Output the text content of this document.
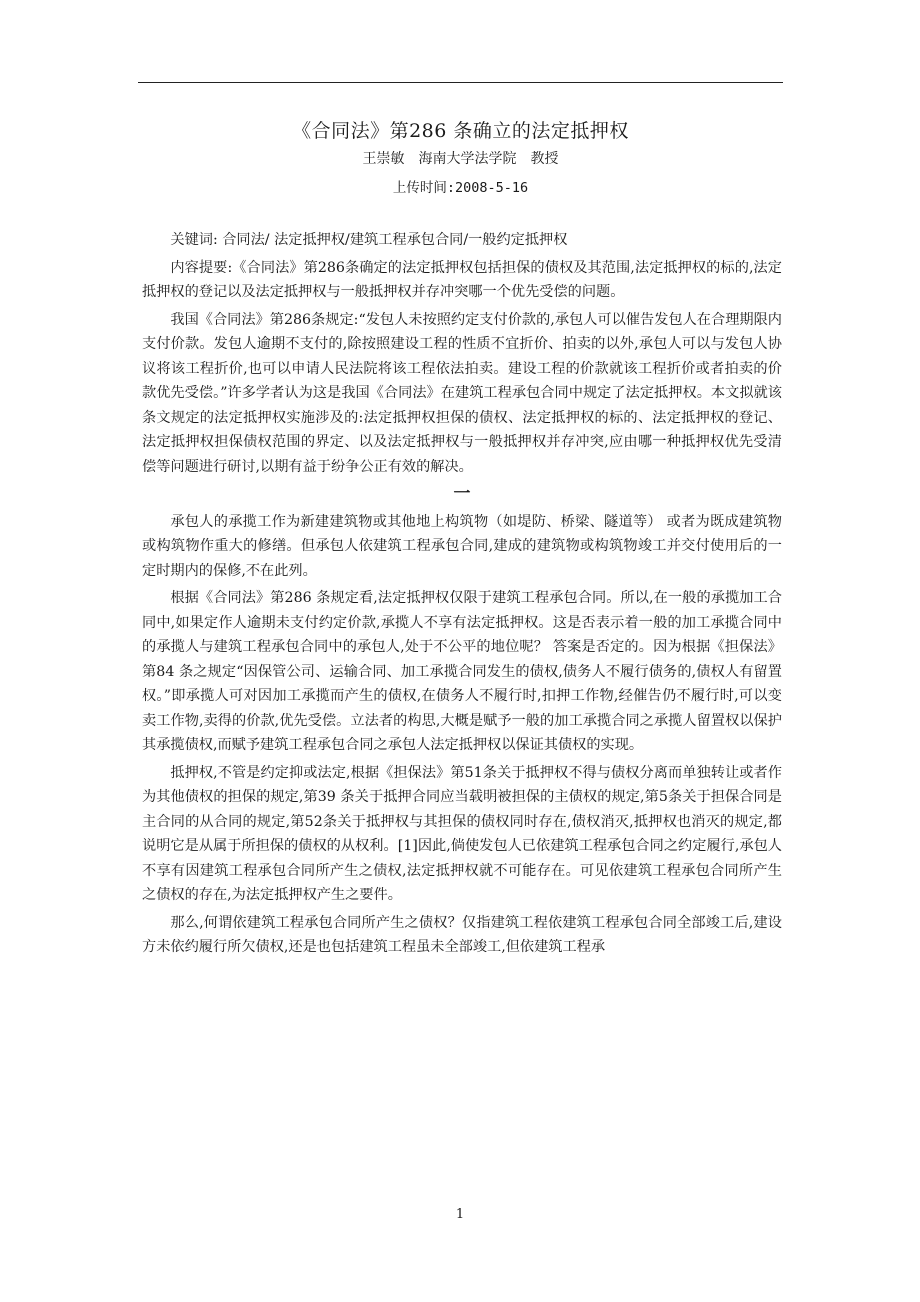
《合同法》第286 条确立的法定抵押权
王崇敏　海南大学法学院　教授
上传时间:2008-5-16

关键词: 合同法/ 法定抵押权/建筑工程承包合同/一般约定抵押权

内容提要:《合同法》第286条确定的法定抵押权包括担保的债权及其范围,法定抵押权的标的,法定抵押权的登记以及法定抵押权与一般抵押权并存冲突哪一个优先受偿的问题。

我国《合同法》第286条规定:“发包人未按照约定支付价款的,承包人可以催告发包人在合理期限内支付价款。发包人逾期不支付的,除按照建设工程的性质不宜折价、拍卖的以外,承包人可以与发包人协议将该工程折价,也可以申请人民法院将该工程依法拍卖。建设工程的价款就该工程折价或者拍卖的价款优先受偿。”许多学者认为这是我国《合同法》在建筑工程承包合同中规定了法定抵押权。本文拟就该条文规定的法定抵押权实施涉及的:法定抵押权担保的债权、法定抵押权的标的、法定抵押权的登记、法定抵押权担保债权范围的界定、以及法定抵押权与一般抵押权并存冲突,应由哪一种抵押权优先受清偿等问题进行研讨,以期有益于纷争公正有效的解决。

一

承包人的承揽工作为新建建筑物或其他地上构筑物（如堤防、桥梁、隧道等） 或者为既成建筑物或构筑物作重大的修缮。但承包人依建筑工程承包合同,建成的建筑物或构筑物竣工并交付使用后的一定时期内的保修,不在此列。

根据《合同法》第286 条规定看,法定抵押权仅限于建筑工程承包合同。所以,在一般的承揽加工合同中,如果定作人逾期未支付约定价款,承揽人不享有法定抵押权。这是否表示着一般的加工承揽合同中的承揽人与建筑工程承包合同中的承包人,处于不公平的地位呢？ 答案是否定的。因为根据《担保法》第84 条之规定“因保管公司、运输合同、加工承揽合同发生的债权,债务人不履行债务的,债权人有留置权。”即承揽人可对因加工承揽而产生的债权,在债务人不履行时,扣押工作物,经催告仍不履行时,可以变卖工作物,卖得的价款,优先受偿。立法者的构思,大概是赋予一般的加工承揽合同之承揽人留置权以保护其承揽债权,而赋予建筑工程承包合同之承包人法定抵押权以保证其债权的实现。

抵押权,不管是约定抑或法定,根据《担保法》第51条关于抵押权不得与债权分离而单独转让或者作为其他债权的担保的规定,第39 条关于抵押合同应当载明被担保的主债权的规定,第5条关于担保合同是主合同的从合同的规定,第52条关于抵押权与其担保的债权同时存在,债权消灭,抵押权也消灭的规定,都说明它是从属于所担保的债权的从权利。[1]因此,倘使发包人已依建筑工程承包合同之约定履行,承包人不享有因建筑工程承包合同所产生之债权,法定抵押权就不可能存在。可见依建筑工程承包合同所产生之债权的存在,为法定抵押权产生之要件。

那么,何谓依建筑工程承包合同所产生之债权？仅指建筑工程依建筑工程承包合同全部竣工后,建设方未依约履行所欠债权,还是也包括建筑工程虽未全部竣工,但依建筑工程承

1
